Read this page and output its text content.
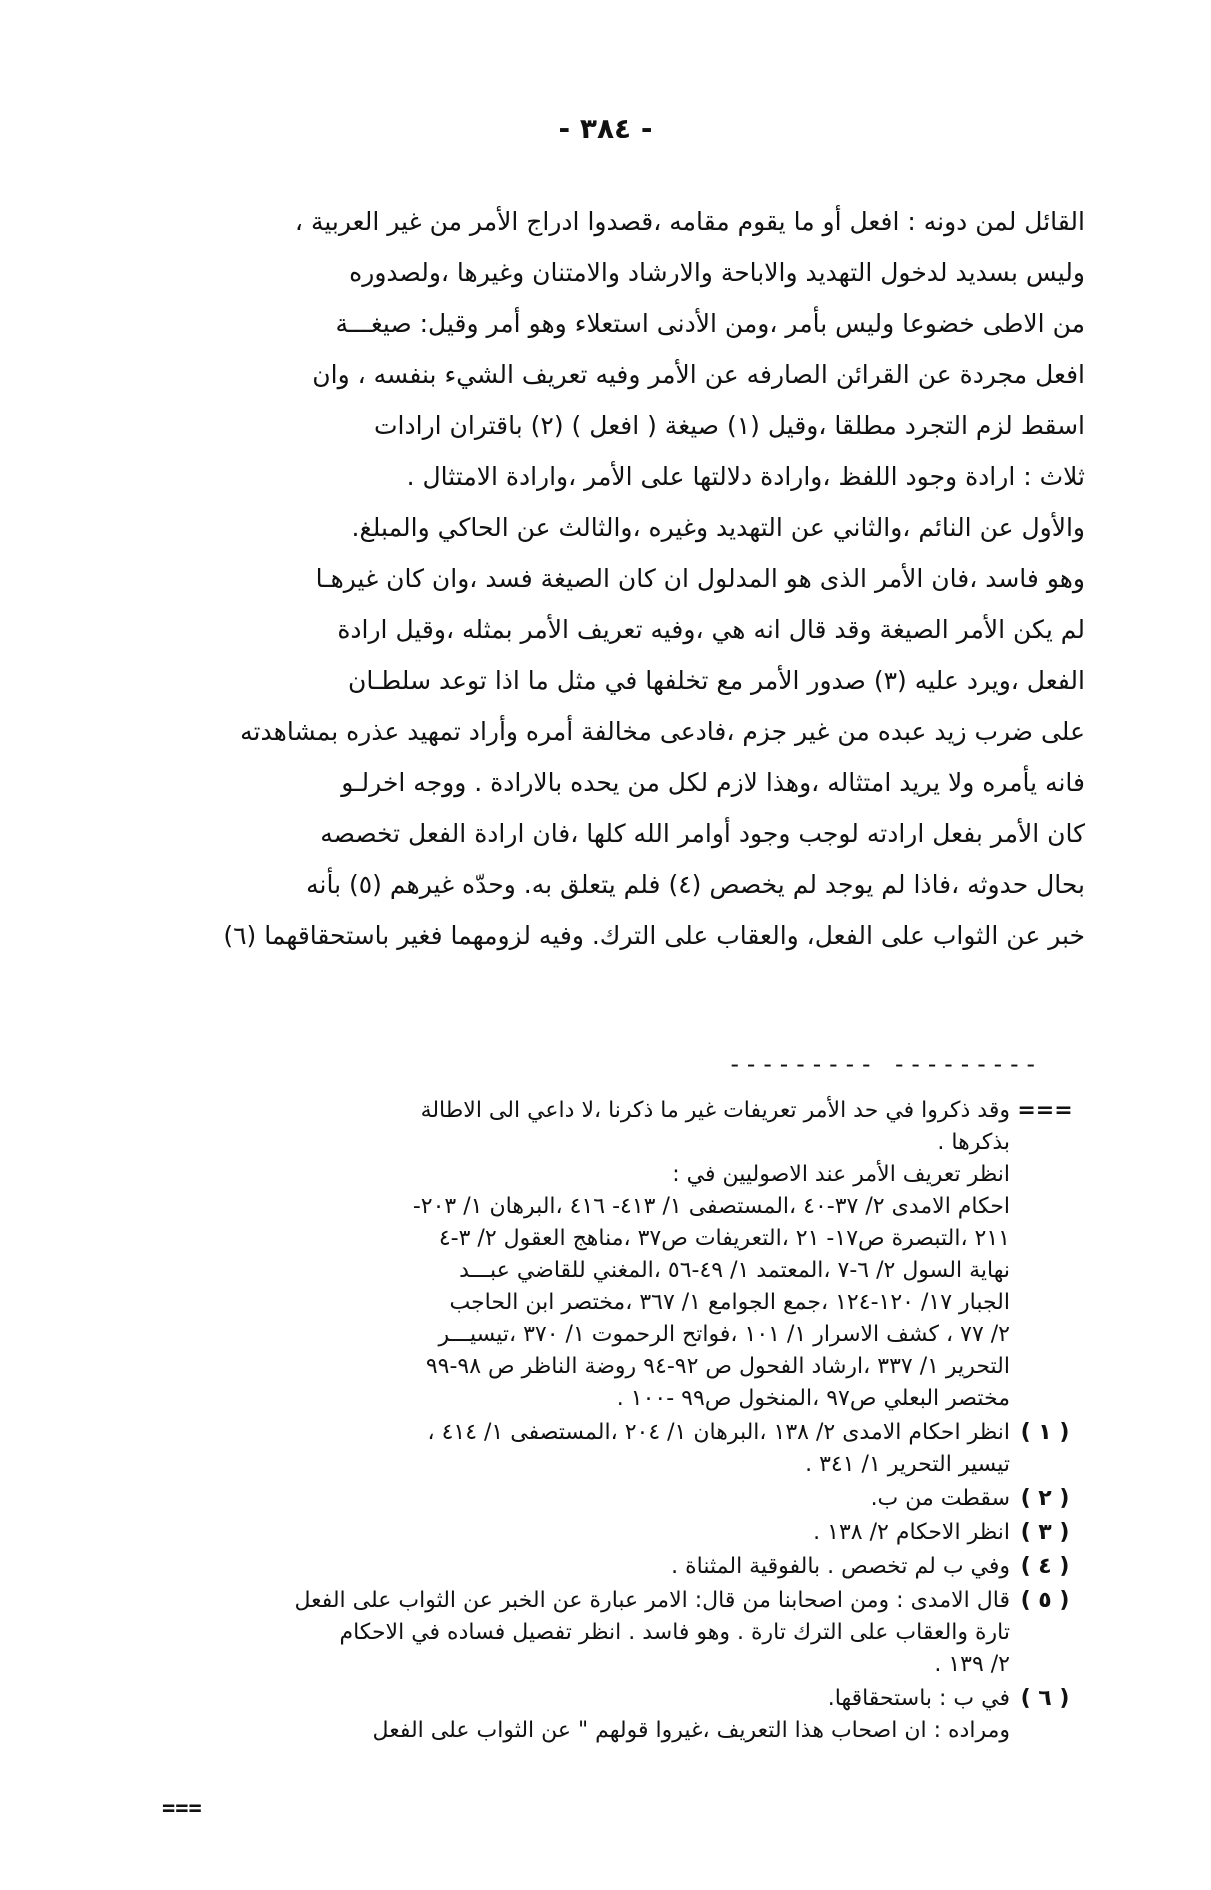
- ٣٨٤ -
القائل لمن دونه : افعل أو ما يقوم مقامه ،قصدوا ادراج الأمر من غير العربية ،
وليس بسديد لدخول التهديد والاباحة والارشاد والامتنان وغيرها ،ولصدوره
من الاطى خضوعا وليس بأمر ،ومن الأدنى استعلاء وهو أمر وقيل: صيغـــة
افعل مجردة عن القرائن الصارفه عن الأمر وفيه تعريف الشيء بنفسه ، وان
اسقط لزم التجرد مطلقا ،وقيل (١) صيغة ( افعل ) (٢) باقتران ارادات
ثلاث : ارادة وجود اللفظ ،وارادة دلالتها على الأمر ،وارادة الامتثال .
والأول عن النائم ،والثاني عن التهديد وغيره ،والثالث عن الحاكي والمبلغ.
وهو فاسد ،فان الأمر الذى هو المدلول ان كان الصيغة فسد ،وان كان غيرهـا
لم يكن الأمر الصيغة وقد قال انه هي ،وفيه تعريف الأمر بمثله ،وقيل ارادة
الفعل ،ويرد عليه (٣) صدور الأمر مع تخلفها في مثل ما اذا توعد سلطـان
على ضرب زيد عبده من غير جزم ،فادعى مخالفة أمره وأراد تمهيد عذره بمشاهدته
فانه يأمره ولا يريد امتثاله ،وهذا لازم لكل من يحده بالارادة . ووجه اخرلـو
كان الأمر بفعل ارادته لوجب وجود أوامر الله كلها ،فان ارادة الفعل تخصصه
بحال حدوثه ،فاذا لم يوجد لم يخصص (٤) فلم يتعلق به. وحدّه غيرهم (٥) بأنه
خبر عن الثواب على الفعل، والعقاب على الترك. وفيه لزومهما فغير باستحقاقهما (٦)
--------- ---------
===
وقد ذكروا في حد الأمر تعريفات غير ما ذكرنا ،لا داعي الى الاطالة
بذكرها .
انظر تعريف الأمر عند الاصوليين في :
احكام الامدى ٢/ ٣٧-٤٠ ،المستصفى ١/ ٤١٣- ٤١٦ ،البرهان ١/ ٢٠٣-
٢١١ ،التبصرة ص١٧- ٢١ ،التعريفات ص٣٧ ،مناهج العقول ٢/ ٣-٤
نهاية السول ٢/ ٦-٧ ،المعتمد ١/ ٤٩-٥٦ ،المغني للقاضي عبـــد
الجبار ١٧/ ١٢٠-١٢٤ ،جمع الجوامع ١/ ٣٦٧ ،مختصر ابن الحاجب
٢/ ٧٧ ، كشف الاسرار ١/ ١٠١ ،فواتح الرحموت ١/ ٣٧٠ ،تيسيـــر
التحرير ١/ ٣٣٧ ،ارشاد الفحول ص ٩٢-٩٤ روضة الناظر ص ٩٨-٩٩
مختصر البعلي ص٩٧ ،المنخول ص٩٩ -١٠٠ .
( ١ )
انظر احكام الامدى ٢/ ١٣٨ ،البرهان ١/ ٢٠٤ ،المستصفى ١/ ٤١٤ ،
تيسير التحرير ١/ ٣٤١ .
( ٢ )
سقطت من ب.
( ٣ )
انظر الاحكام ٢/ ١٣٨ .
( ٤ )
وفي ب لم تخصص . بالفوقية المثناة .
( ٥ )
قال الامدى : ومن اصحابنا من قال: الامر عبارة عن الخبر عن الثواب على الفعل
تارة والعقاب على الترك تارة . وهو فاسد . انظر تفصيل فساده في الاحكام
٢/ ١٣٩ .
( ٦ )
في ب : باستحقاقها.
ومراده : ان اصحاب هذا التعريف ،غيروا قولهم " عن الثواب على الفعل
===
